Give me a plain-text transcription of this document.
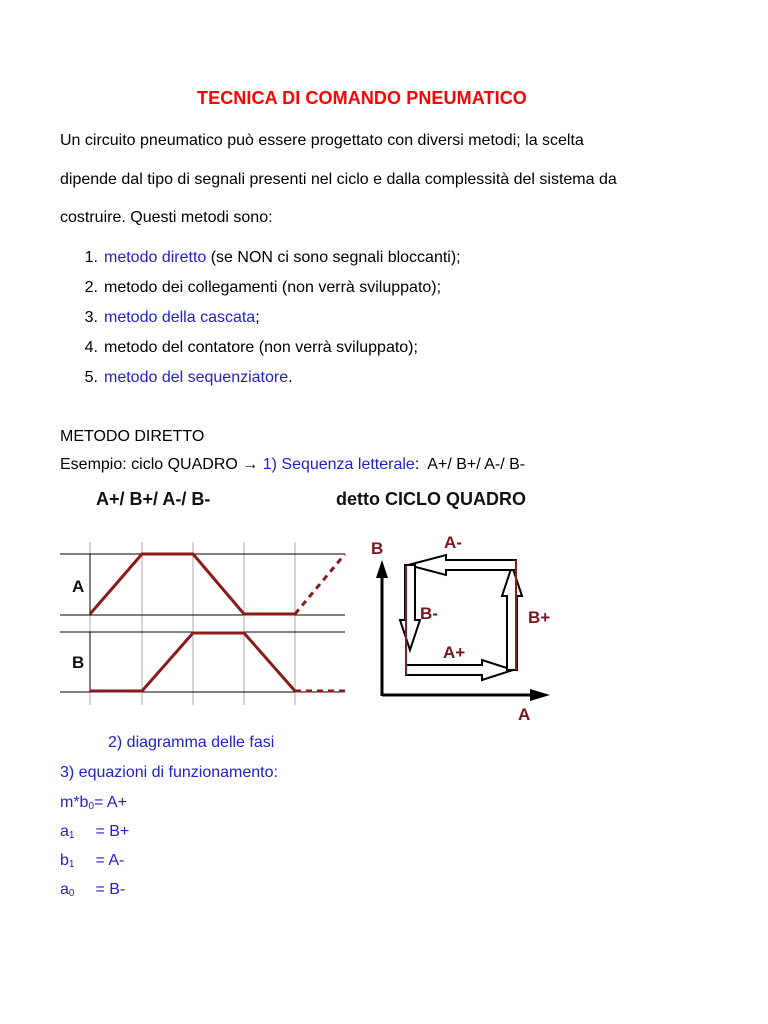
TECNICA DI COMANDO PNEUMATICO
Un circuito pneumatico può essere progettato con diversi metodi; la scelta
dipende dal tipo di segnali presenti nel ciclo e dalla complessità del sistema da
costruire. Questi metodi sono:
1. metodo diretto (se NON ci sono segnali bloccanti);
2. metodo dei collegamenti (non verrà sviluppato);
3. metodo della cascata;
4. metodo del contatore (non verrà sviluppato);
5. metodo del sequenziatore.
METODO DIRETTO
Esempio: ciclo QUADRO → 1) Sequenza letterale: A+/ B+/ A-/ B-
A+/ B+/ A-/ B-	detto CICLO QUADRO
A
B
B
A
A-
B+
B-
A+
2) diagramma delle fasi
3) equazioni di funzionamento:
$m*b_0= A+$
$a_1 = B+$
$b_1 = A-$
$a_0 = B-$
